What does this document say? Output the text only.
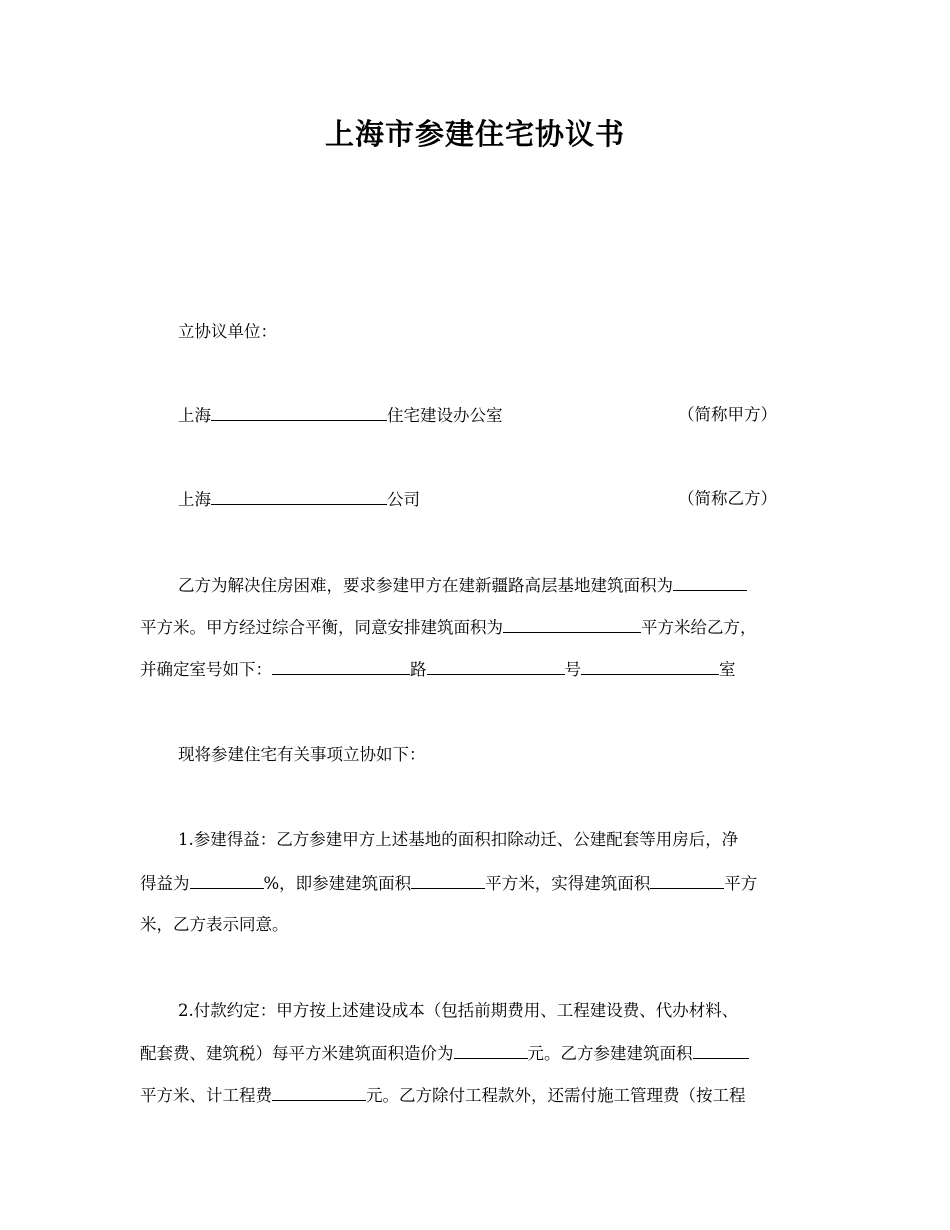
上海市参建住宅协议书
立协议单位：
上海	住宅建设办公室	（简称甲方）
上海	公司	（简称乙方）
乙方为解决住房困难，要求参建甲方在建新疆路高层基地建筑面积为
平方米。甲方经过综合平衡，同意安排建筑面积为	平方米给乙方，
并确定室号如下：	路	号	室
现将参建住宅有关事项立协如下：
1.参建得益：乙方参建甲方上述基地的面积扣除动迁、公建配套等用房后，净
得益为	%，即参建建筑面积	平方米，实得建筑面积	平方
米，乙方表示同意。
2.付款约定：甲方按上述建设成本（包括前期费用、工程建设费、代办材料、
配套费、建筑税）每平方米建筑面积造价为	元。乙方参建建筑面积
平方米、计工程费	元。乙方除付工程款外，还需付施工管理费（按工程
